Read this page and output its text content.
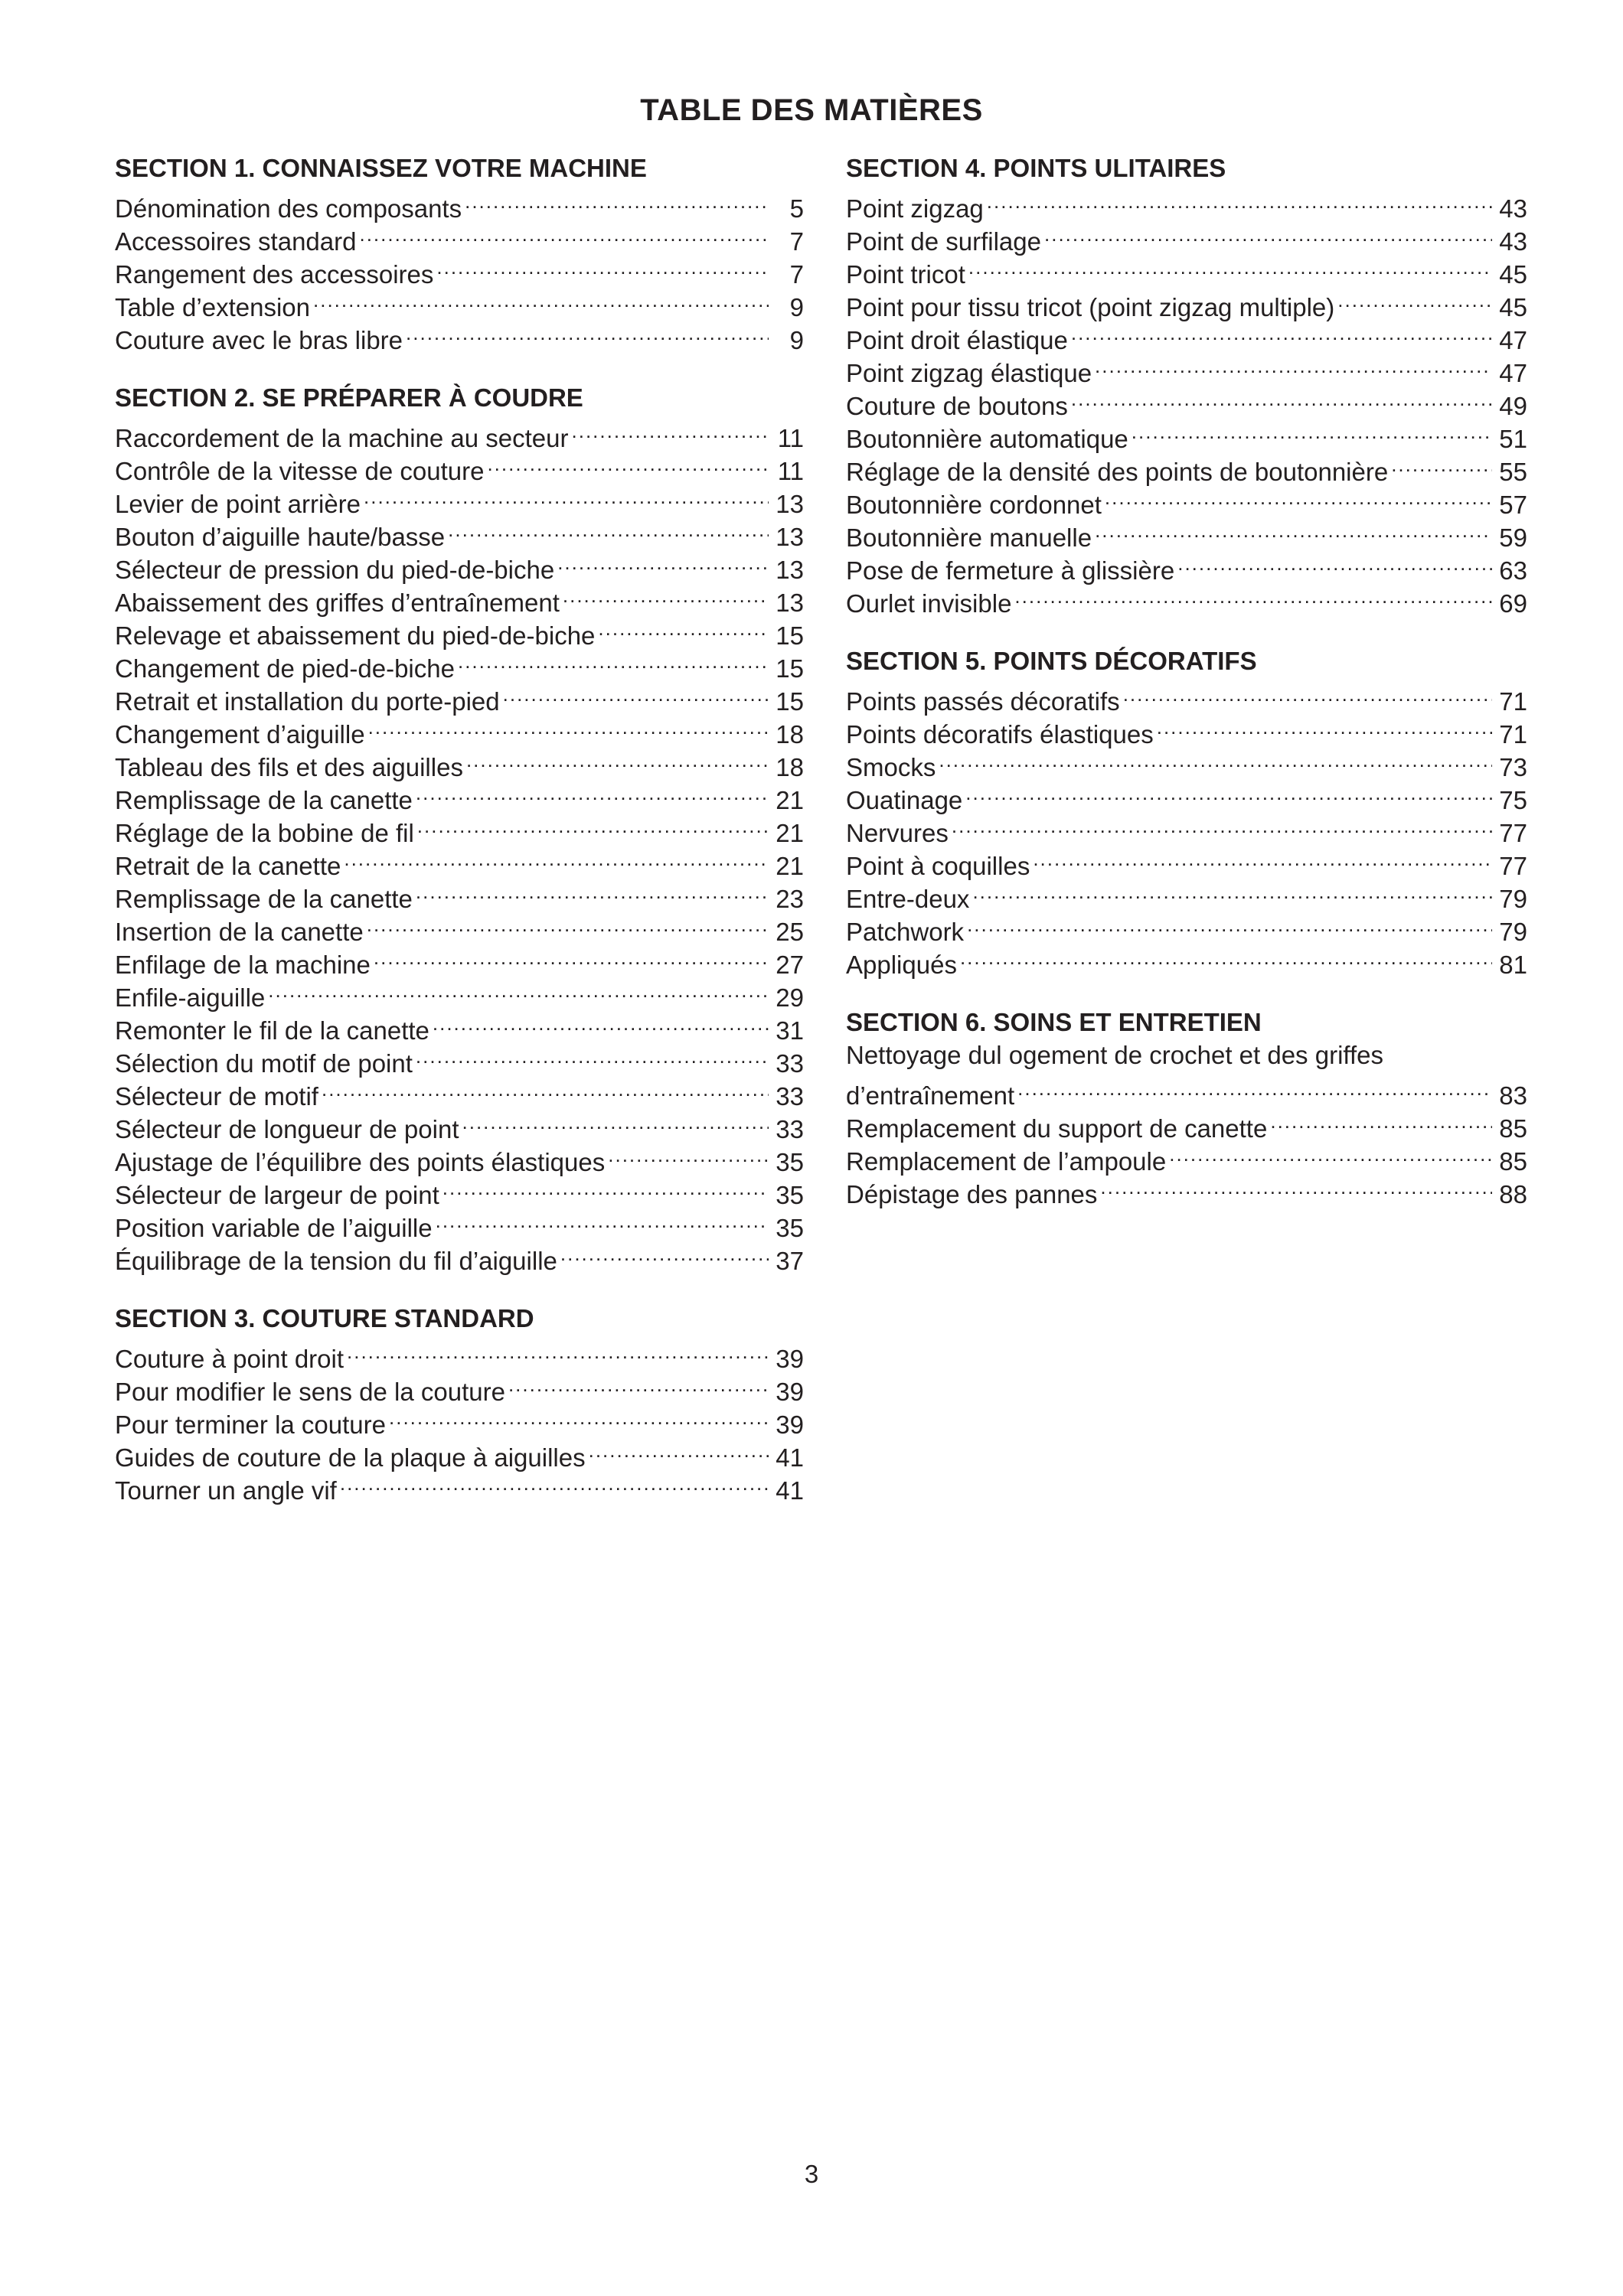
TABLE DES MATIÈRES
SECTION 1. CONNAISSEZ VOTRE MACHINE
Dénomination des composants .....	5
Accessoires standard .....	7
Rangement des accessoires .....	7
Table d’extension .....	9
Couture avec le bras libre .....	9
SECTION 2. SE PRÉPARER À COUDRE
Raccordement de la machine au secteur .....	11
Contrôle de la vitesse de couture .....	11
Levier de point arrière .....	13
Bouton d’aiguille haute/basse .....	13
Sélecteur de pression du pied-de-biche .....	13
Abaissement des griffes d’entraînement .....	13
Relevage et abaissement du pied-de-biche .....	15
Changement de pied-de-biche .....	15
Retrait et installation du porte-pied .....	15
Changement d’aiguille .....	18
Tableau des fils et des aiguilles .....	18
Remplissage de la canette .....	21
Réglage de la bobine de fil .....	21
Retrait de la canette .....	21
Remplissage de la canette .....	23
Insertion de la canette .....	25
Enfilage de la machine .....	27
Enfile-aiguille .....	29
Remonter le fil de la canette .....	31
Sélection du motif de point .....	33
Sélecteur de motif .....	33
Sélecteur de longueur de point .....	33
Ajustage de l’équilibre des points élastiques .....	35
Sélecteur de largeur de point .....	35
Position variable de l’aiguille .....	35
Équilibrage de la tension du fil d’aiguille .....	37
SECTION 3. COUTURE STANDARD
Couture à point droit .....	39
Pour modifier le sens de la couture .....	39
Pour terminer la couture .....	39
Guides de couture de la plaque à aiguilles .....	41
Tourner un angle vif .....	41
SECTION 4. POINTS ULITAIRES
Point zigzag .....	43
Point de surfilage .....	43
Point tricot .....	45
Point pour tissu tricot (point zigzag multiple) .....	45
Point droit élastique .....	47
Point zigzag élastique .....	47
Couture de boutons .....	49
Boutonnière automatique .....	51
Réglage de la densité des points de boutonnière .....	55
Boutonnière cordonnet .....	57
Boutonnière manuelle .....	59
Pose de fermeture à glissière .....	63
Ourlet invisible .....	69
SECTION 5. POINTS DÉCORATIFS
Points passés décoratifs .....	71
Points décoratifs élastiques .....	71
Smocks .....	73
Ouatinage .....	75
Nervures .....	77
Point à coquilles .....	77
Entre-deux .....	79
Patchwork .....	79
Appliqués .....	81
SECTION 6. SOINS ET ENTRETIEN
Nettoyage dul ogement de crochet et des griffes
d’entraînement .....	83
Remplacement du support de canette .....	85
Remplacement de l’ampoule .....	85
Dépistage des pannes .....	88
3
